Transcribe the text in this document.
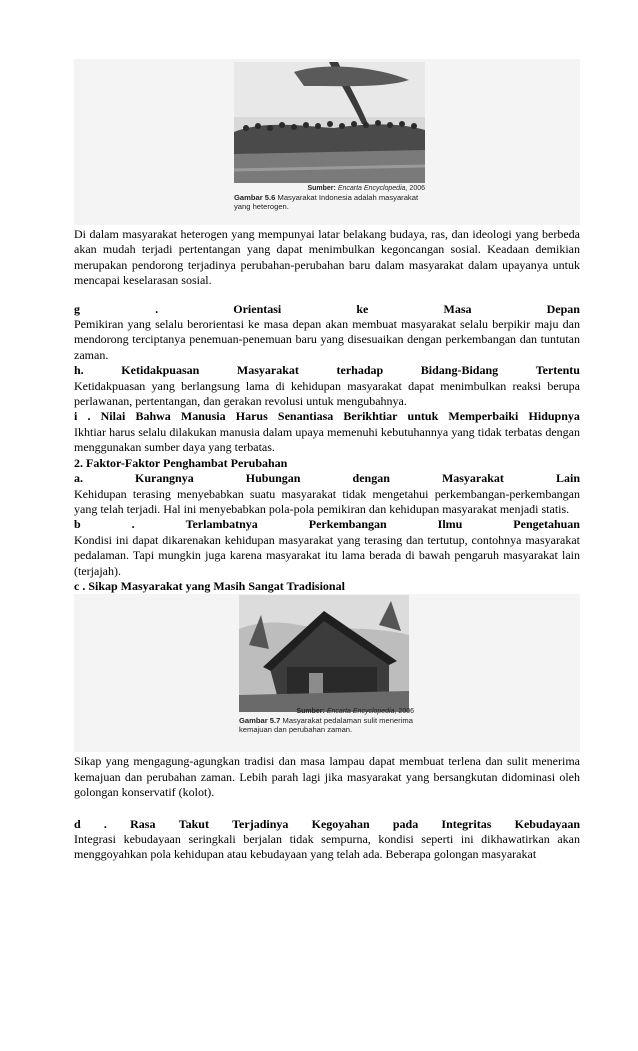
Sumber: Encarta Encyclopedia, 2006
Gambar 5.6 Masyarakat Indonesia adalah masyarakat yang heterogen.

Di dalam masyarakat heterogen yang mempunyai latar belakang budaya, ras, dan ideologi yang berbeda akan mudah terjadi pertentangan yang dapat menimbulkan kegoncangan sosial. Keadaan demikian merupakan pendorong terjadinya perubahan-perubahan baru dalam masyarakat dalam upayanya untuk mencapai keselarasan sosial.

g	.	Orientasi	ke	Masa	Depan

Pemikiran yang selalu berorientasi ke masa depan akan membuat masyarakat selalu berpikir maju dan mendorong terciptanya penemuan-penemuan baru yang disesuaikan dengan perkembangan dan tuntutan zaman.

h.	Ketidakpuasan	Masyarakat	terhadap	Bidang-Bidang	Tertentu

Ketidakpuasan yang berlangsung lama di kehidupan masyarakat dapat menimbulkan reaksi berupa perlawanan, pertentangan, dan gerakan revolusi untuk mengubahnya.

i . Nilai Bahwa Manusia Harus Senantiasa Berikhtiar untuk Memperbaiki Hidupnya

Ikhtiar harus selalu dilakukan manusia dalam upaya memenuhi kebutuhannya yang tidak terbatas dengan menggunakan sumber daya yang terbatas.

2. Faktor-Faktor Penghambat Perubahan
a.	Kurangnya	Hubungan	dengan	Masyarakat	Lain

Kehidupan terasing menyebabkan suatu masyarakat tidak mengetahui perkembangan-perkembangan yang telah terjadi. Hal ini menyebabkan pola-pola pemikiran dan kehidupan masyarakat menjadi statis.

b	.	Terlambatnya	Perkembangan	Ilmu	Pengetahuan

Kondisi ini dapat dikarenakan kehidupan masyarakat yang terasing dan tertutup, contohnya masyarakat pedalaman. Tapi mungkin juga karena masyarakat itu lama berada di bawah pengaruh masyarakat lain (terjajah).

c . Sikap Masyarakat yang Masih Sangat Tradisional
Sumber: Encarta Encyclopedia, 2006
Gambar 5.7 Masyarakat pedalaman sulit menerima kemajuan dan perubahan zaman.

Sikap yang mengagung-agungkan tradisi dan masa lampau dapat membuat terlena dan sulit menerima kemajuan dan perubahan zaman. Lebih parah lagi jika masyarakat yang bersangkutan didominasi oleh golongan konservatif (kolot).

d . Rasa Takut Terjadinya Kegoyahan pada Integritas Kebudayaan

Integrasi kebudayaan seringkali berjalan tidak sempurna, kondisi seperti ini dikhawatirkan akan menggoyahkan pola kehidupan atau kebudayaan yang telah ada. Beberapa golongan masyarakat
